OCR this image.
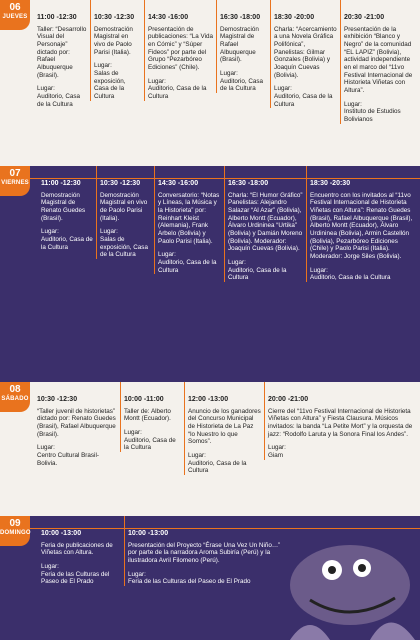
06
JUEVES	11:00 -12:30
Taller: “Desarrollo Visual del Personaje” dictado por: Rafael Albuquerque (Brasil).
Lugar:
Auditorio, Casa de la Cultura
10:30 -12:30
Demostración Magistral en vivo de Paolo Parisi (Italia).
Lugar:
Salas de exposición, Casa de la Cultura
14:30 -16:00
Presentación de publicaciones: “La Vida en Cómic” y “Súper Fideos” por parte del Grupo “Pezarbóreo Ediciones” (Chile).
Lugar:
Auditorio, Casa de la Cultura
16:30 -18:00
Demostración Magistral de Rafael Albuquerque (Brasil).
Lugar:
Auditorio, Casa de la Cultura
18:30 -20:00
Charla: “Acercamiento a una Novela Gráfica Polifónica”, Panelistas: Gilmar Gonzales (Bolivia) y Joaquín Cuevas (Bolivia).
Lugar:
Auditorio, Casa de la Cultura
20:30 -21:00
Presentación de la exhibición “Blanco y Negro” de la comunidad “EL LAPIZ” (Bolivia), actividad independiente en el marco del “11vo Festival Internacional de Historieta Viñetas con Altura”.
Lugar:
Instituto de Estudios Bolivianos
07
VIERNES 11:00 -12:30
Demostración Magistral de Renato Guedes (Brasil).
Lugar:
Auditorio, Casa de la Cultura
10:30 -12:30
Demostración Magistral en vivo de Paolo Parisi (Italia).
Lugar:
Salas de exposición, Casa de la Cultura
14:30 -16:00
Conversatorio: “Notas y Líneas, la Música y la Historieta” por: Reinhart Kleist (Alemania), Frank Arbelo (Bolivia) y Paolo Parisi (Italia).
Lugar:
Auditorio, Casa de la Cultura
16:30 -18:00
Charla: “El Humor Gráfico” Panelistas: Alejandro Salazar “Al Azar” (Bolivia), Alberto Montt (Ecuador), Álvaro Urdininea “Urtika” (Bolivia) y Damián Moreno (Bolivia). Moderador: Joaquín Cuevas (Bolivia).
Lugar:
Auditorio, Casa de la Cultura
18:30 -20:30
Encuentro con los invitados al “11vo Festival Internacional de Historieta Viñetas con Altura”: Renato Guedes (Brasil), Rafael Albuquerque (Brasil), Alberto Montt (Ecuador), Álvaro Urdininea (Bolivia), Armin Castellón (Bolivia), Pezarbóreo Ediciones (Chile) y Paolo Parisi (Italia). Moderador: Jorge Siles (Bolivia).
Lugar:
Auditorio, Casa de la Cultura
08
SÁBADO 10:30 -12:30
“Taller juvenil de historietas” dictado por: Renato Guedes (Brasil), Rafael Albuquerque (Brasil).
Lugar:
Centro Cultural Brasil-Bolivia.
10:00 -11:00
Taller de: Alberto Montt (Ecuador).
Lugar:
Auditorio, Casa de la Cultura
12:00 -13:00
Anuncio de los ganadores del Concurso Municipal de Historieta de La Paz “lo Nuestro lo que Somos”.
Lugar:
Auditorio, Casa de la Cultura
20:00 -21:00
Cierre del “11vo Festival Internacional de Historieta Viñetas con Altura” y Fiesta Clausura. Músicos invitados: la banda “La Petite Mort” y la orquesta de jazz: “Rodolfo Laruta y la Sonora Final los Andes”.
Lugar:
Giam
09
DOMINGO 10:00 -13:00
Feria de publicaciones de Viñetas con Altura.
Lugar:
Feria de las Culturas del Paseo de El Prado
10:00 -13:00
Presentación del Proyecto “Érase Una Vez Un Niño…” por parte de la narradora Aroma Subiría (Perú) y la ilustradora Avril Filomeno (Perú).
Lugar:
Feria de las Culturas del Paseo de El Prado
